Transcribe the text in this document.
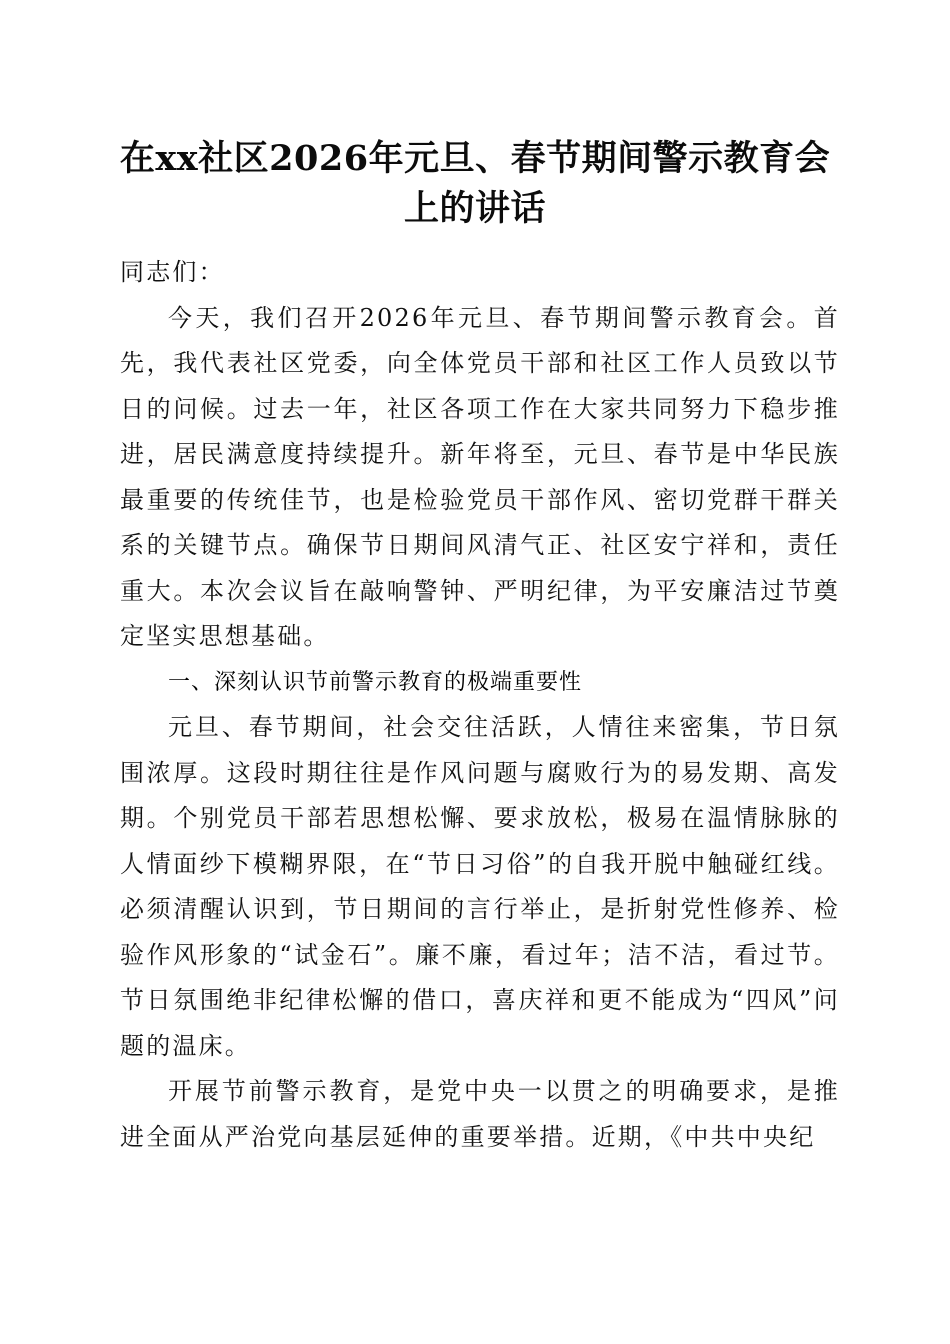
在xx社区2026年元旦、春节期间警示教育会
上的讲话

同志们：

今天，我们召开2026年元旦、春节期间警示教育会。首先，我代表社区党委，向全体党员干部和社区工作人员致以节日的问候。过去一年，社区各项工作在大家共同努力下稳步推进，居民满意度持续提升。新年将至，元旦、春节是中华民族最重要的传统佳节，也是检验党员干部作风、密切党群干群关系的关键节点。确保节日期间风清气正、社区安宁祥和，责任重大。本次会议旨在敲响警钟、严明纪律，为平安廉洁过节奠定坚实思想基础。

一、深刻认识节前警示教育的极端重要性

元旦、春节期间，社会交往活跃，人情往来密集，节日氛围浓厚。这段时期往往是作风问题与腐败行为的易发期、高发期。个别党员干部若思想松懈、要求放松，极易在温情脉脉的人情面纱下模糊界限，在“节日习俗”的自我开脱中触碰红线。必须清醒认识到，节日期间的言行举止，是折射党性修养、检验作风形象的“试金石”。廉不廉，看过年；洁不洁，看过节。节日氛围绝非纪律松懈的借口，喜庆祥和更不能成为“四风”问题的温床。

开展节前警示教育，是党中央一以贯之的明确要求，是推进全面从严治党向基层延伸的重要举措。近期，《中共中央纪
